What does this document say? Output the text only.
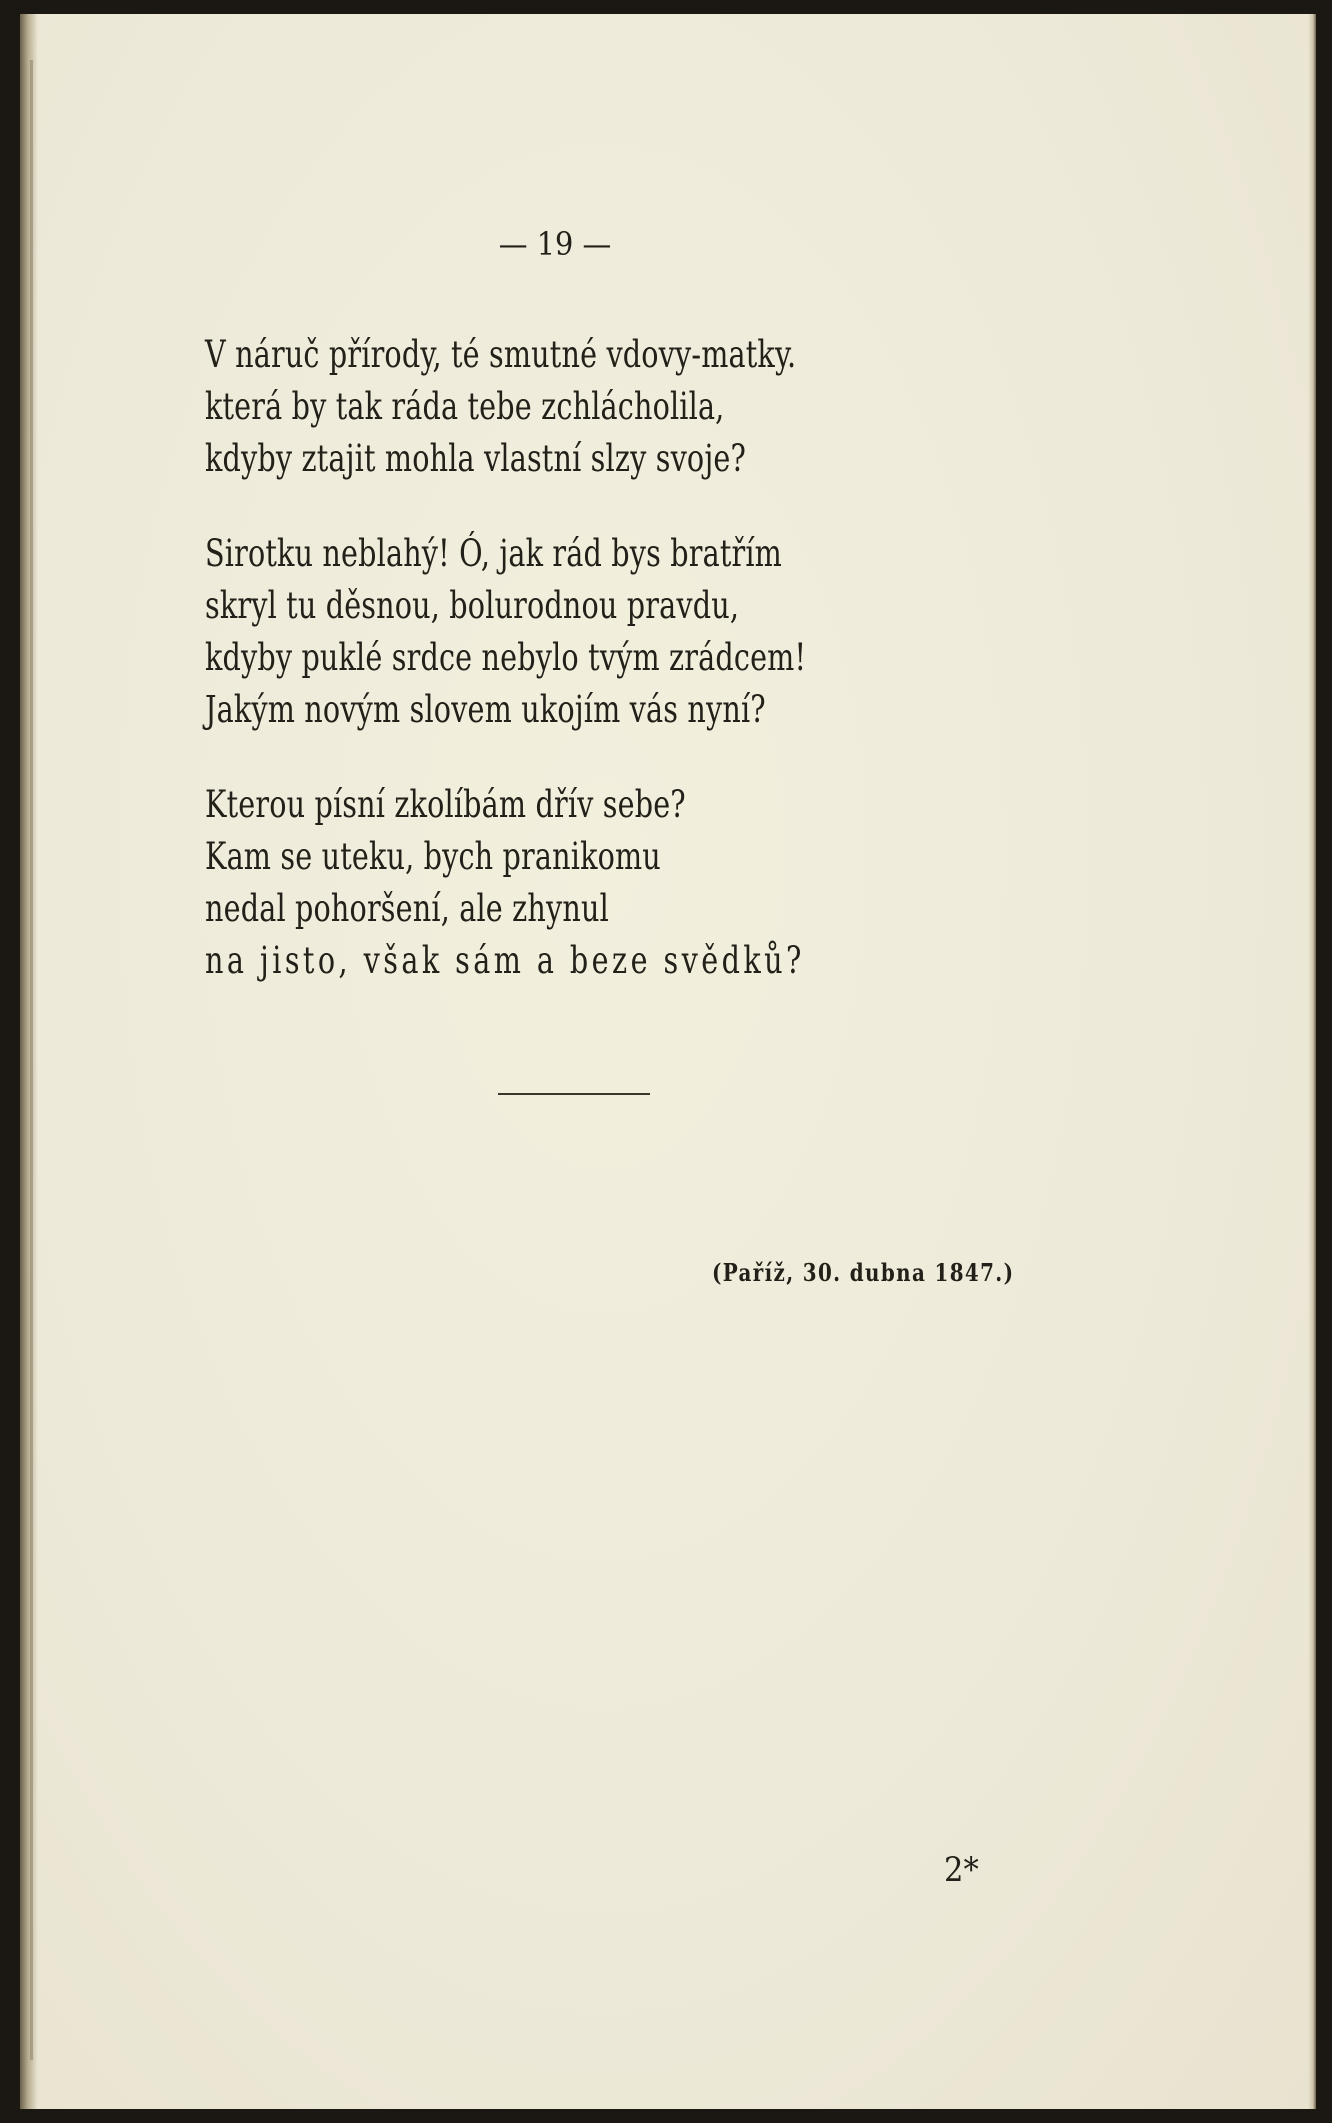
— 19 —
V náruč přírody, té smutné vdovy-matky.
která by tak ráda tebe zchlácholila,
kdyby ztajit mohla vlastní slzy svoje?
Sirotku neblahý! Ó, jak rád bys bratřím
skryl tu děsnou, bolurodnou pravdu,
kdyby puklé srdce nebylo tvým zrádcem!
Jakým novým slovem ukojím vás nyní?
Kterou písní zkolíbám dřív sebe?
Kam se uteku, bych pranikomu
nedal pohoršení, ale zhynul
na jisto, však sám a beze svědků?
(Paříž, 30. dubna 1847.)
2*
